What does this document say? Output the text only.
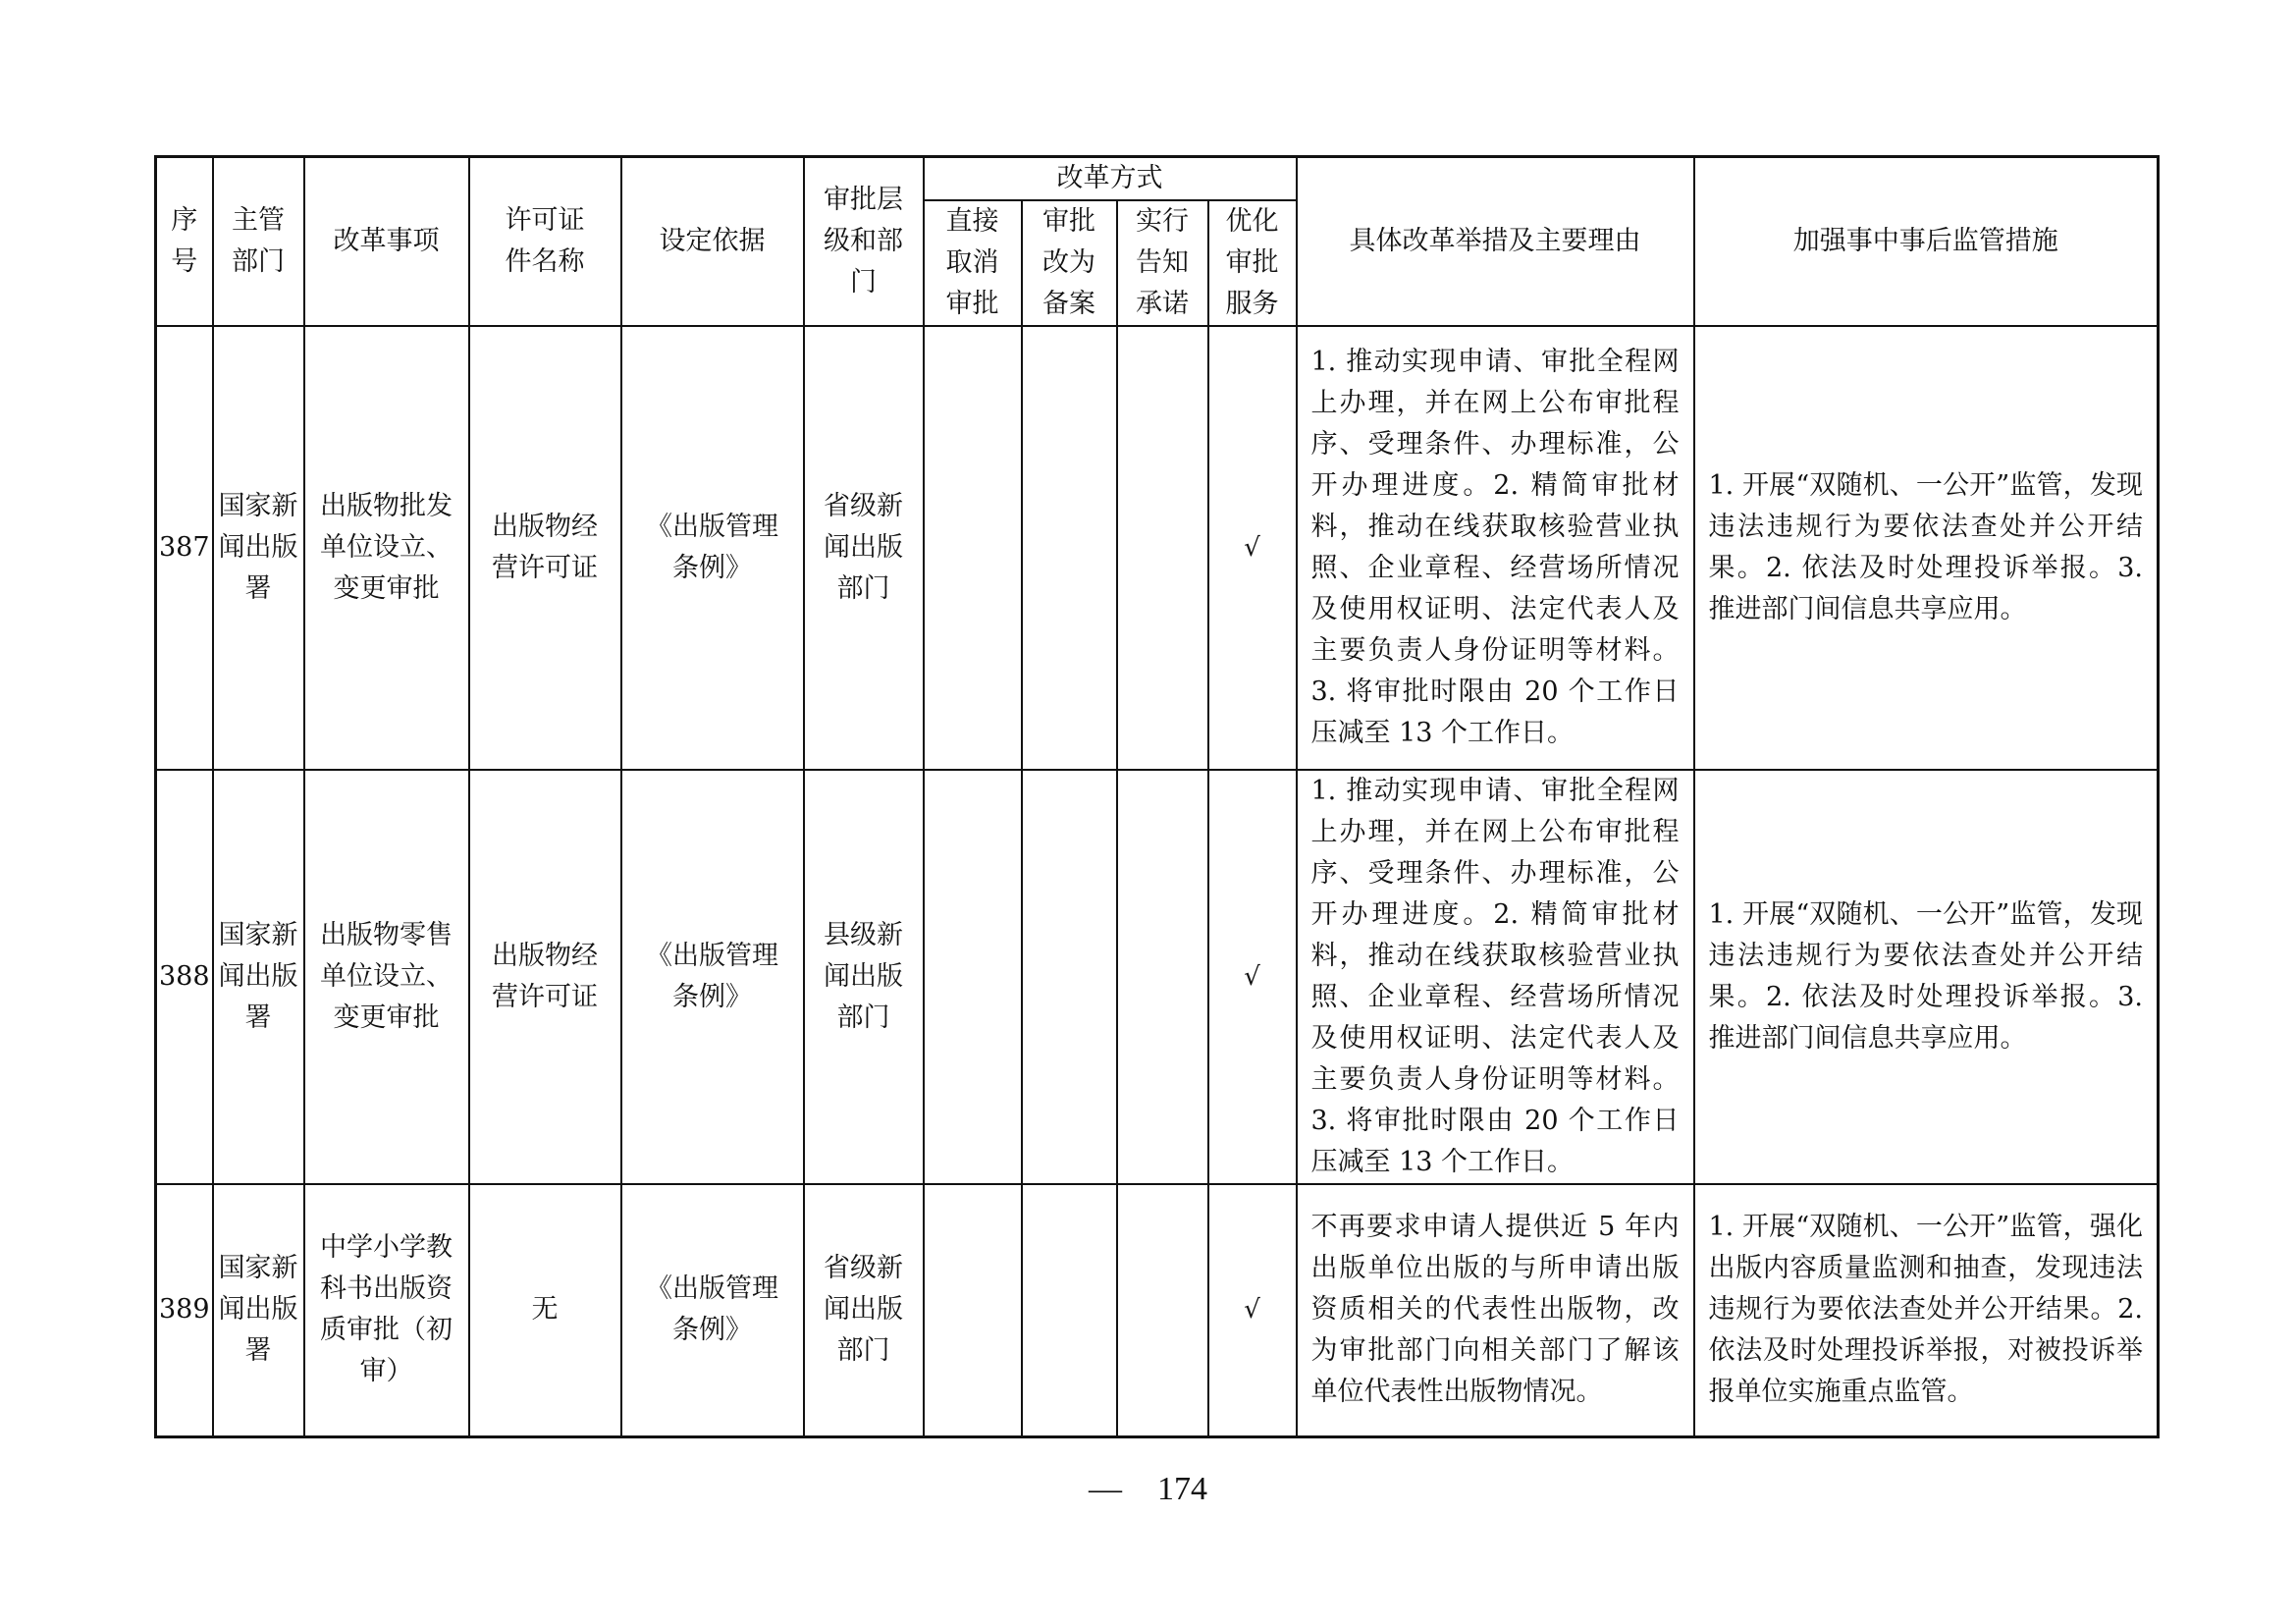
序号	主管部门	改革事项	许可证件名称	设定依据	审批层级和部门	改革方式				具体改革举措及主要理由	加强事中事后监管措施

						直接取消审批	审批改为备案	实行告知承诺	优化审批服务		

387	国家新闻出版署	出版物批发单位设立、变更审批	出版物经营许可证	《出版管理条例》	省级新闻出版部门				√	1. 推动实现申请、审批全程网上办理，并在网上公布审批程序、受理条件、办理标准，公开办理进度。2. 精简审批材料，推动在线获取核验营业执照、企业章程、经营场所情况及使用权证明、法定代表人及主要负责人身份证明等材料。3. 将审批时限由 20 个工作日压减至 13 个工作日。	1. 开展“双随机、一公开”监管，发现违法违规行为要依法查处并公开结果。2. 依法及时处理投诉举报。3. 推进部门间信息共享应用。

388	国家新闻出版署	出版物零售单位设立、变更审批	出版物经营许可证	《出版管理条例》	县级新闻出版部门				√	1. 推动实现申请、审批全程网上办理，并在网上公布审批程序、受理条件、办理标准，公开办理进度。2. 精简审批材料，推动在线获取核验营业执照、企业章程、经营场所情况及使用权证明、法定代表人及主要负责人身份证明等材料。3. 将审批时限由 20 个工作日压减至 13 个工作日。	1. 开展“双随机、一公开”监管，发现违法违规行为要依法查处并公开结果。2. 依法及时处理投诉举报。3. 推进部门间信息共享应用。

389	国家新闻出版署	中学小学教科书出版资质审批（初审）	无	《出版管理条例》	省级新闻出版部门				√	不再要求申请人提供近 5 年内出版单位出版的与所申请出版资质相关的代表性出版物，改为审批部门向相关部门了解该单位代表性出版物情况。	1. 开展“双随机、一公开”监管，强化出版内容质量监测和抽查，发现违法违规行为要依法查处并公开结果。2. 依法及时处理投诉举报，对被投诉举报单位实施重点监管。
— 174
